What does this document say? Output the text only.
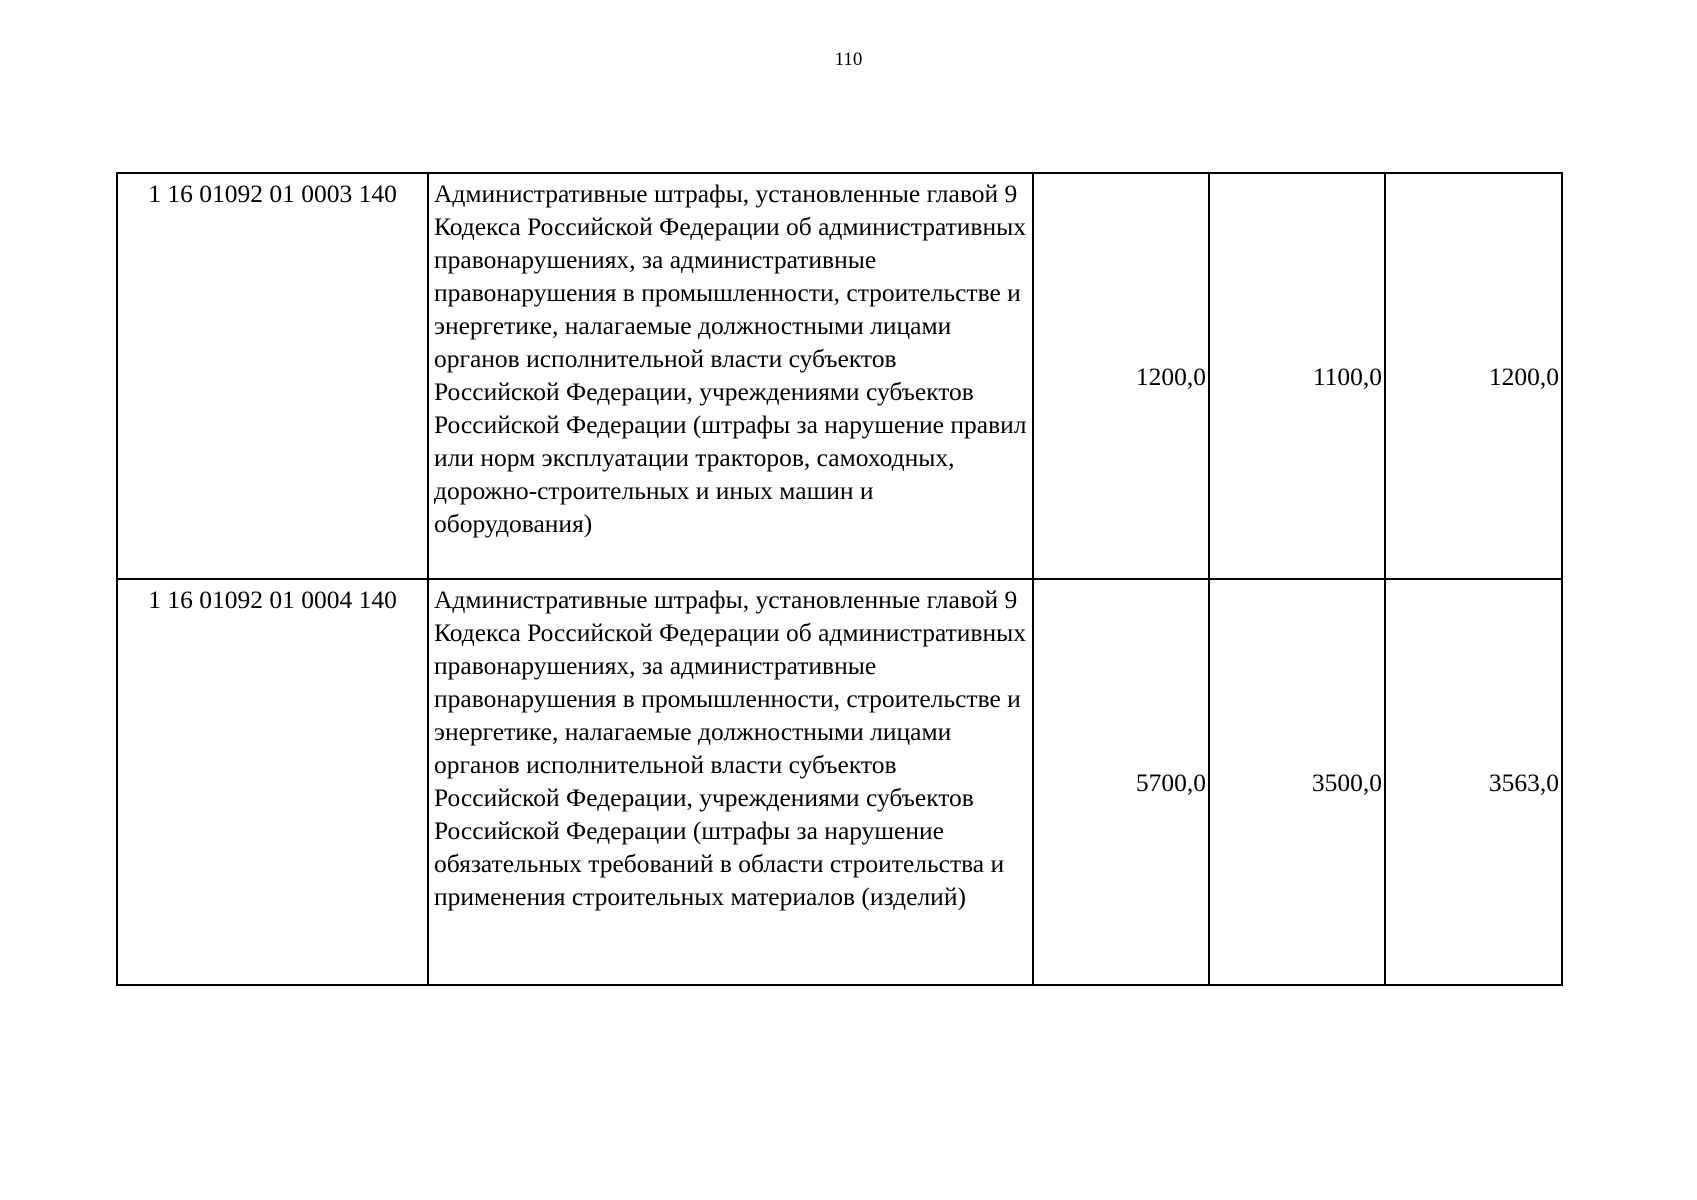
110
1 16 01092 01 0003 140	Административные штрафы, установленные главой 9 Кодекса Российской Федерации об административных правонарушениях, за административные правонарушения в промышленности, строительстве и энергетике, налагаемые должностными лицами органов исполнительной власти субъектов Российской Федерации, учреждениями субъектов Российской Федерации (штрафы за нарушение правил или норм эксплуатации тракторов, самоходных, дорожно-строительных и иных машин и оборудования)	1200,0	1100,0	1200,0
1 16 01092 01 0004 140	Административные штрафы, установленные главой 9 Кодекса Российской Федерации об административных правонарушениях, за административные правонарушения в промышленности, строительстве и энергетике, налагаемые должностными лицами органов исполнительной власти субъектов Российской Федерации, учреждениями субъектов Российской Федерации (штрафы за нарушение обязательных требований в области строительства и применения строительных материалов (изделий)	5700,0	3500,0	3563,0
